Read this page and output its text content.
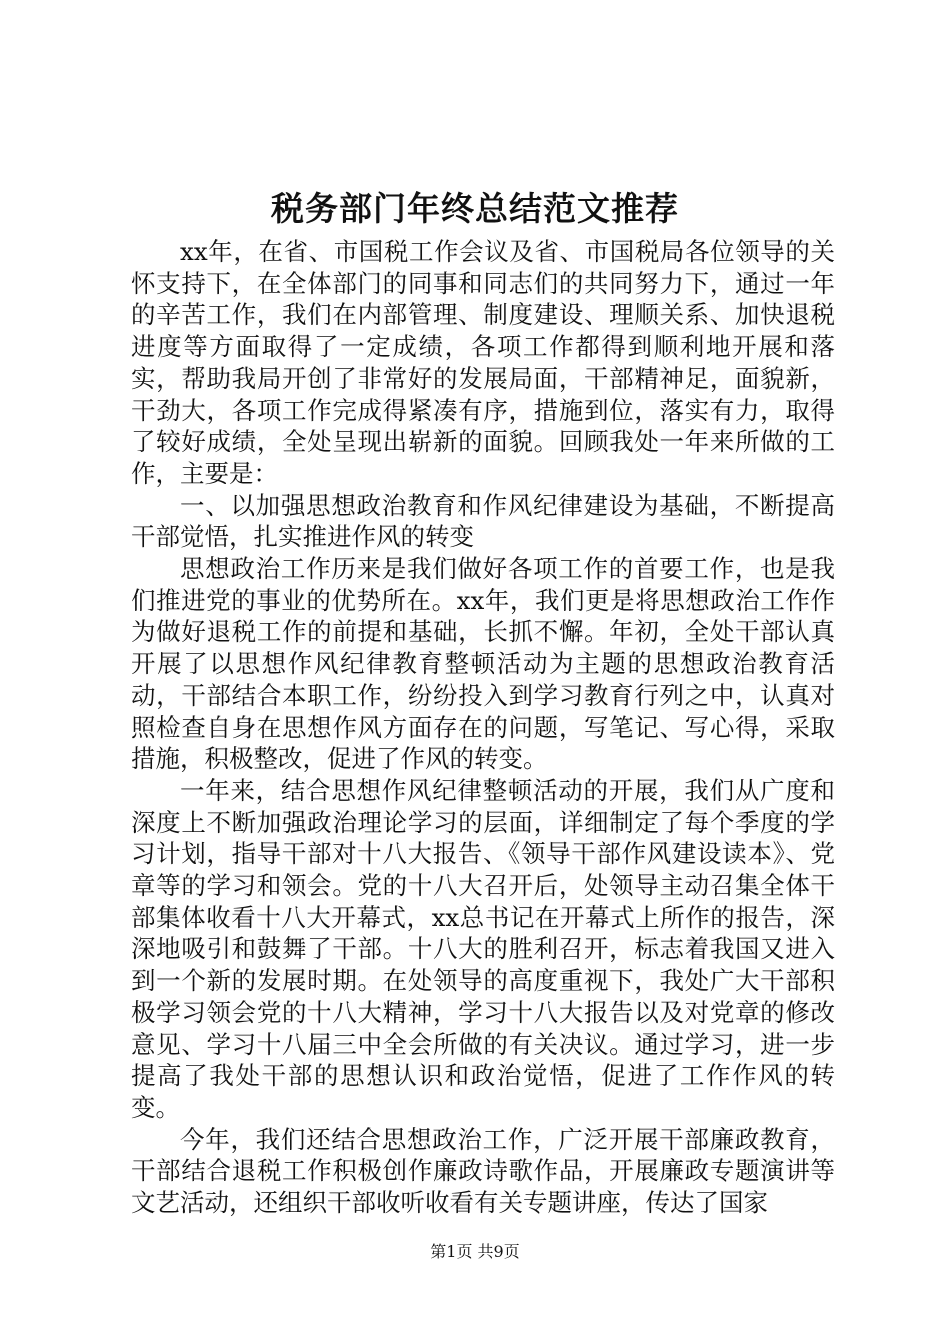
税务部门年终总结范文推荐

xx年，在省、市国税工作会议及省、市国税局各位领导的关怀支持下，在全体部门的同事和同志们的共同努力下，通过一年的辛苦工作，我们在内部管理、制度建设、理顺关系、加快退税进度等方面取得了一定成绩，各项工作都得到顺利地开展和落实，帮助我局开创了非常好的发展局面，干部精神足，面貌新，干劲大，各项工作完成得紧凑有序，措施到位，落实有力，取得了较好成绩，全处呈现出崭新的面貌。回顾我处一年来所做的工作，主要是：

一、以加强思想政治教育和作风纪律建设为基础，不断提高干部觉悟，扎实推进作风的转变

思想政治工作历来是我们做好各项工作的首要工作，也是我们推进党的事业的优势所在。xx年，我们更是将思想政治工作作为做好退税工作的前提和基础，长抓不懈。年初，全处干部认真开展了以思想作风纪律教育整顿活动为主题的思想政治教育活动，干部结合本职工作，纷纷投入到学习教育行列之中，认真对照检查自身在思想作风方面存在的问题，写笔记、写心得，采取措施，积极整改，促进了作风的转变。

一年来，结合思想作风纪律整顿活动的开展，我们从广度和深度上不断加强政治理论学习的层面，详细制定了每个季度的学习计划，指导干部对十八大报告、《领导干部作风建设读本》、党章等的学习和领会。党的十八大召开后，处领导主动召集全体干部集体收看十八大开幕式，xx总书记在开幕式上所作的报告，深深地吸引和鼓舞了干部。十八大的胜利召开，标志着我国又进入到一个新的发展时期。在处领导的高度重视下，我处广大干部积极学习领会党的十八大精神，学习十八大报告以及对党章的修改意见、学习十八届三中全会所做的有关决议。通过学习，进一步提高了我处干部的思想认识和政治觉悟，促进了工作作风的转变。

今年，我们还结合思想政治工作，广泛开展干部廉政教育，干部结合退税工作积极创作廉政诗歌作品，开展廉政专题演讲等文艺活动，还组织干部收听收看有关专题讲座，传达了国家

第1页 共9页
